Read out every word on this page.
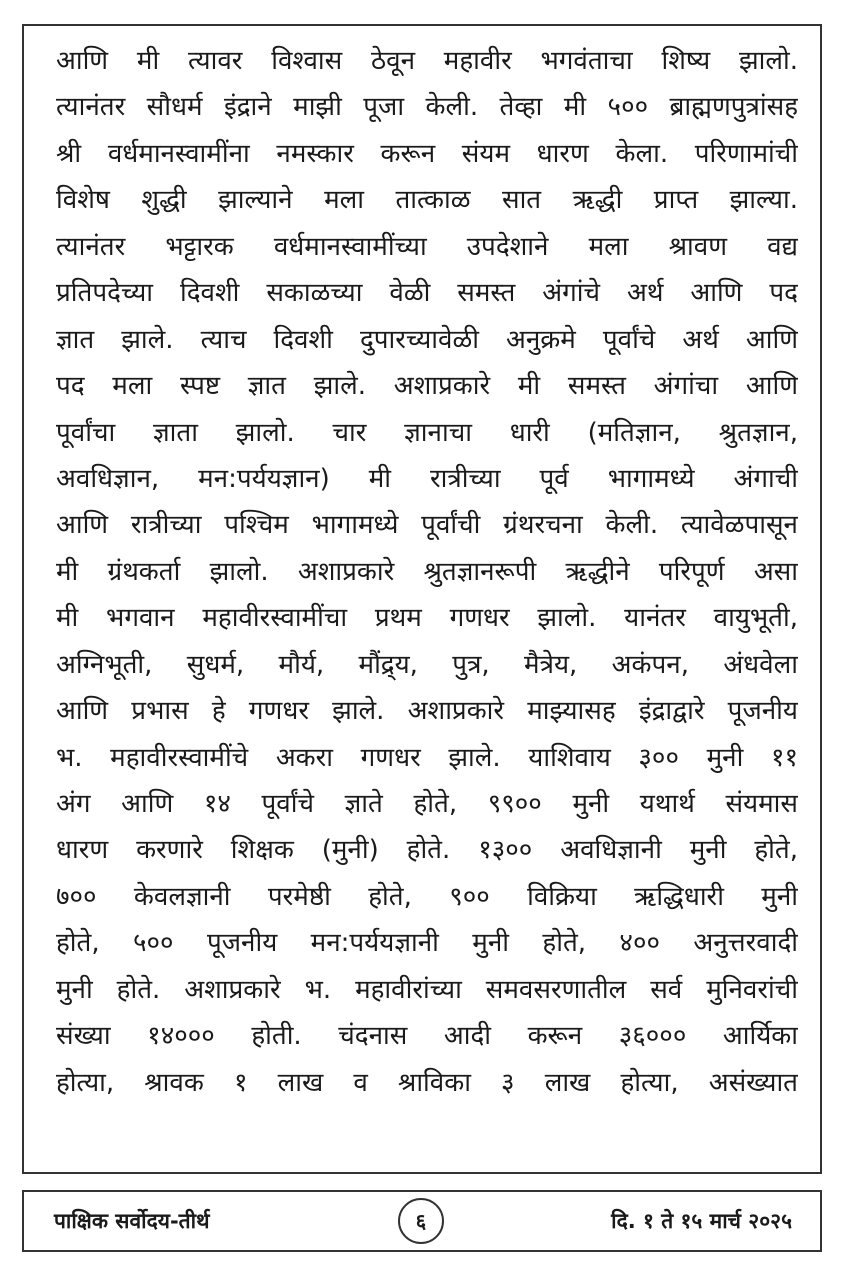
आणि मी त्यावर विश्वास ठेवून महावीर भगवंताचा शिष्य झालो.
त्यानंतर सौधर्म इंद्राने माझी पूजा केली. तेव्हा मी ५०० ब्राह्मणपुत्रांसह
श्री वर्धमानस्वामींना नमस्कार करून संयम धारण केला. परिणामांची
विशेष शुद्धी झाल्याने मला तात्काळ सात ऋद्धी प्राप्त झाल्या.
त्यानंतर भट्टारक वर्धमानस्वामींच्या उपदेशाने मला श्रावण वद्य
प्रतिपदेच्या दिवशी सकाळच्या वेळी समस्त अंगांचे अर्थ आणि पद
ज्ञात झाले. त्याच दिवशी दुपारच्यावेळी अनुक्रमे पूर्वांचे अर्थ आणि
पद मला स्पष्ट ज्ञात झाले. अशाप्रकारे मी समस्त अंगांचा आणि
पूर्वांचा ज्ञाता झालो. चार ज्ञानाचा धारी (मतिज्ञान, श्रुतज्ञान,
अवधिज्ञान, मन:पर्ययज्ञान) मी रात्रीच्या पूर्व भागामध्ये अंगाची
आणि रात्रीच्या पश्चिम भागामध्ये पूर्वांची ग्रंथरचना केली. त्यावेळपासून
मी ग्रंथकर्ता झालो. अशाप्रकारे श्रुतज्ञानरूपी ऋद्धीने परिपूर्ण असा
मी भगवान महावीरस्वामींचा प्रथम गणधर झालो. यानंतर वायुभूती,
अग्निभूती, सुधर्म, मौर्य, मौंद्र्य, पुत्र, मैत्रेय, अकंपन, अंधवेला
आणि प्रभास हे गणधर झाले. अशाप्रकारे माझ्यासह इंद्राद्वारे पूजनीय
भ. महावीरस्वामींचे अकरा गणधर झाले. याशिवाय ३०० मुनी ११
अंग आणि १४ पूर्वांचे ज्ञाते होते, ९९०० मुनी यथार्थ संयमास
धारण करणारे शिक्षक (मुनी) होते. १३०० अवधिज्ञानी मुनी होते,
७०० केवलज्ञानी परमेष्ठी होते, ९०० विक्रिया ऋद्धिधारी मुनी
होते, ५०० पूजनीय मन:पर्ययज्ञानी मुनी होते, ४०० अनुत्तरवादी
मुनी होते. अशाप्रकारे भ. महावीरांच्या समवसरणातील सर्व मुनिवरांची
संख्या १४००० होती. चंदनास आदी करून ३६००० आर्यिका
होत्या, श्रावक १ लाख व श्राविका ३ लाख होत्या, असंख्यात
पाक्षिक सर्वोदय-तीर्थ	६	दि. १ ते १५ मार्च २०२५
